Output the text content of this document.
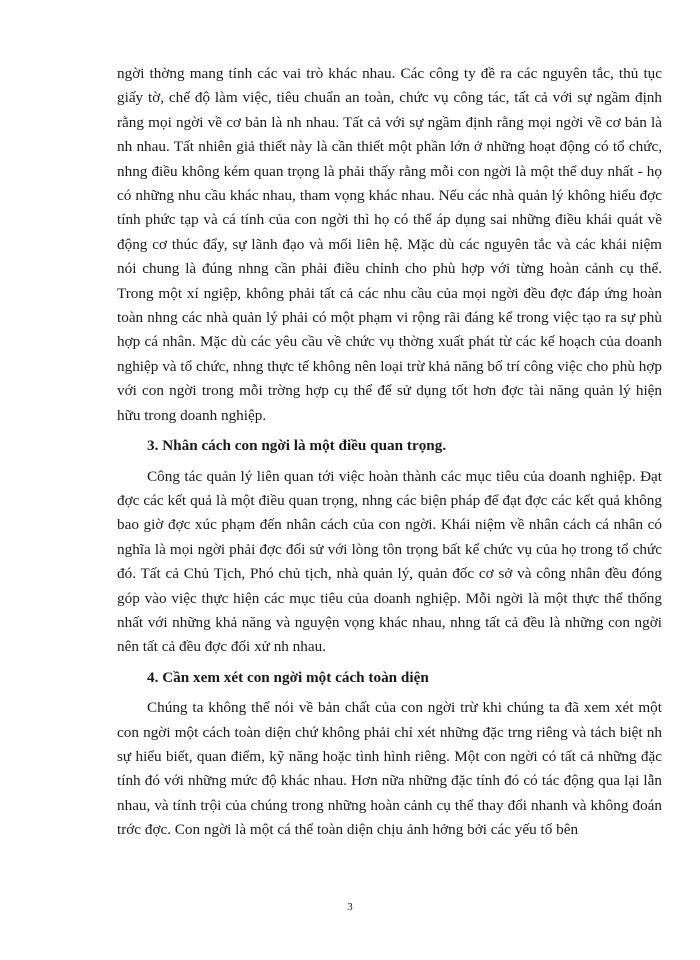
ngời thờng mang tính các vai trò khác nhau. Các công ty đề ra các nguyên tắc, thủ tục giấy tờ, chế độ làm việc, tiêu chuẩn an toàn, chức vụ công tác, tất cả với sự ngầm định rằng mọi ngời về cơ bản là nh nhau. Tất cả với sự ngầm định rằng mọi ngời về cơ bản là nh nhau. Tất nhiên giả thiết này là cần thiết một phần lớn ở những hoạt động có tổ chức, nhng điều không kém quan trọng là phải thấy rằng mỗi con ngời là một thể duy nhất - họ có những nhu cầu khác nhau, tham vọng khác nhau. Nếu các nhà quản lý không hiểu đợc tính phức tạp và cá tính của con ngời thì họ có thể áp dụng sai những điều khái quát về động cơ thúc đẩy, sự lãnh đạo và mối liên hệ. Mặc dù các nguyên tắc và các khái niệm nói chung là đúng nhng cần phải điều chỉnh cho phù hợp với từng hoàn cảnh cụ thể. Trong một xí ngiệp, không phải tất cả các nhu cầu của mọi ngời đều đợc đáp ứng hoàn toàn nhng các nhà quản lý phải có một phạm vi rộng rãi đáng kể trong việc tạo ra sự phù hợp cá nhân. Mặc dù các yêu cầu về chức vụ thờng xuất phát từ các kế hoạch của doanh nghiệp và tổ chức, nhng thực tế không nên loại trừ khả năng bố trí công việc cho phù hợp với con ngời trong mỗi trờng hợp cụ thể để sử dụng tốt hơn đợc tài năng quản lý hiện hữu trong doanh nghiệp.

3. Nhân cách con ngời là một điều quan trọng.

Công tác quản lý liên quan tới việc hoàn thành các mục tiêu của doanh nghiệp. Đạt đợc các kết quả là một điều quan trọng, nhng các biện pháp để đạt đợc các kết quả không bao giờ đợc xúc phạm đến nhân cách của con ngời. Khái niệm về nhân cách cá nhân có nghĩa là mọi ngời phải đợc đối sử với lòng tôn trọng bất kể chức vụ của họ trong tổ chức đó. Tất cả Chủ Tịch, Phó chủ tịch, nhà quản lý, quản đốc cơ sở và công nhân đều đóng góp vào việc thực hiện các mục tiêu của doanh nghiệp. Mỗi ngời là một thực thể thống nhất với những khả năng và nguyện vọng khác nhau, nhng tất cả đều là những con ngời nên tất cả đều đợc đối xử nh nhau.

4. Cần xem xét con ngời một cách toàn diện

Chúng ta không thể nói về bản chất của con ngời trừ khi chúng ta đã xem xét một con ngời một cách toàn diện chứ không phải chỉ xét những đặc trng riêng và tách biệt nh sự hiểu biết, quan điểm, kỹ năng hoặc tình hình riêng. Một con ngời có tất cả những đặc tính đó với những mức độ khác nhau. Hơn nữa những đặc tính đó có tác động qua lại lẫn nhau, và tính trội của chúng trong những hoàn cảnh cụ thể thay đổi nhanh và không đoán trớc đợc. Con ngời là một cá thể toàn diện chịu ảnh hởng bởi các yếu tố bên

3
